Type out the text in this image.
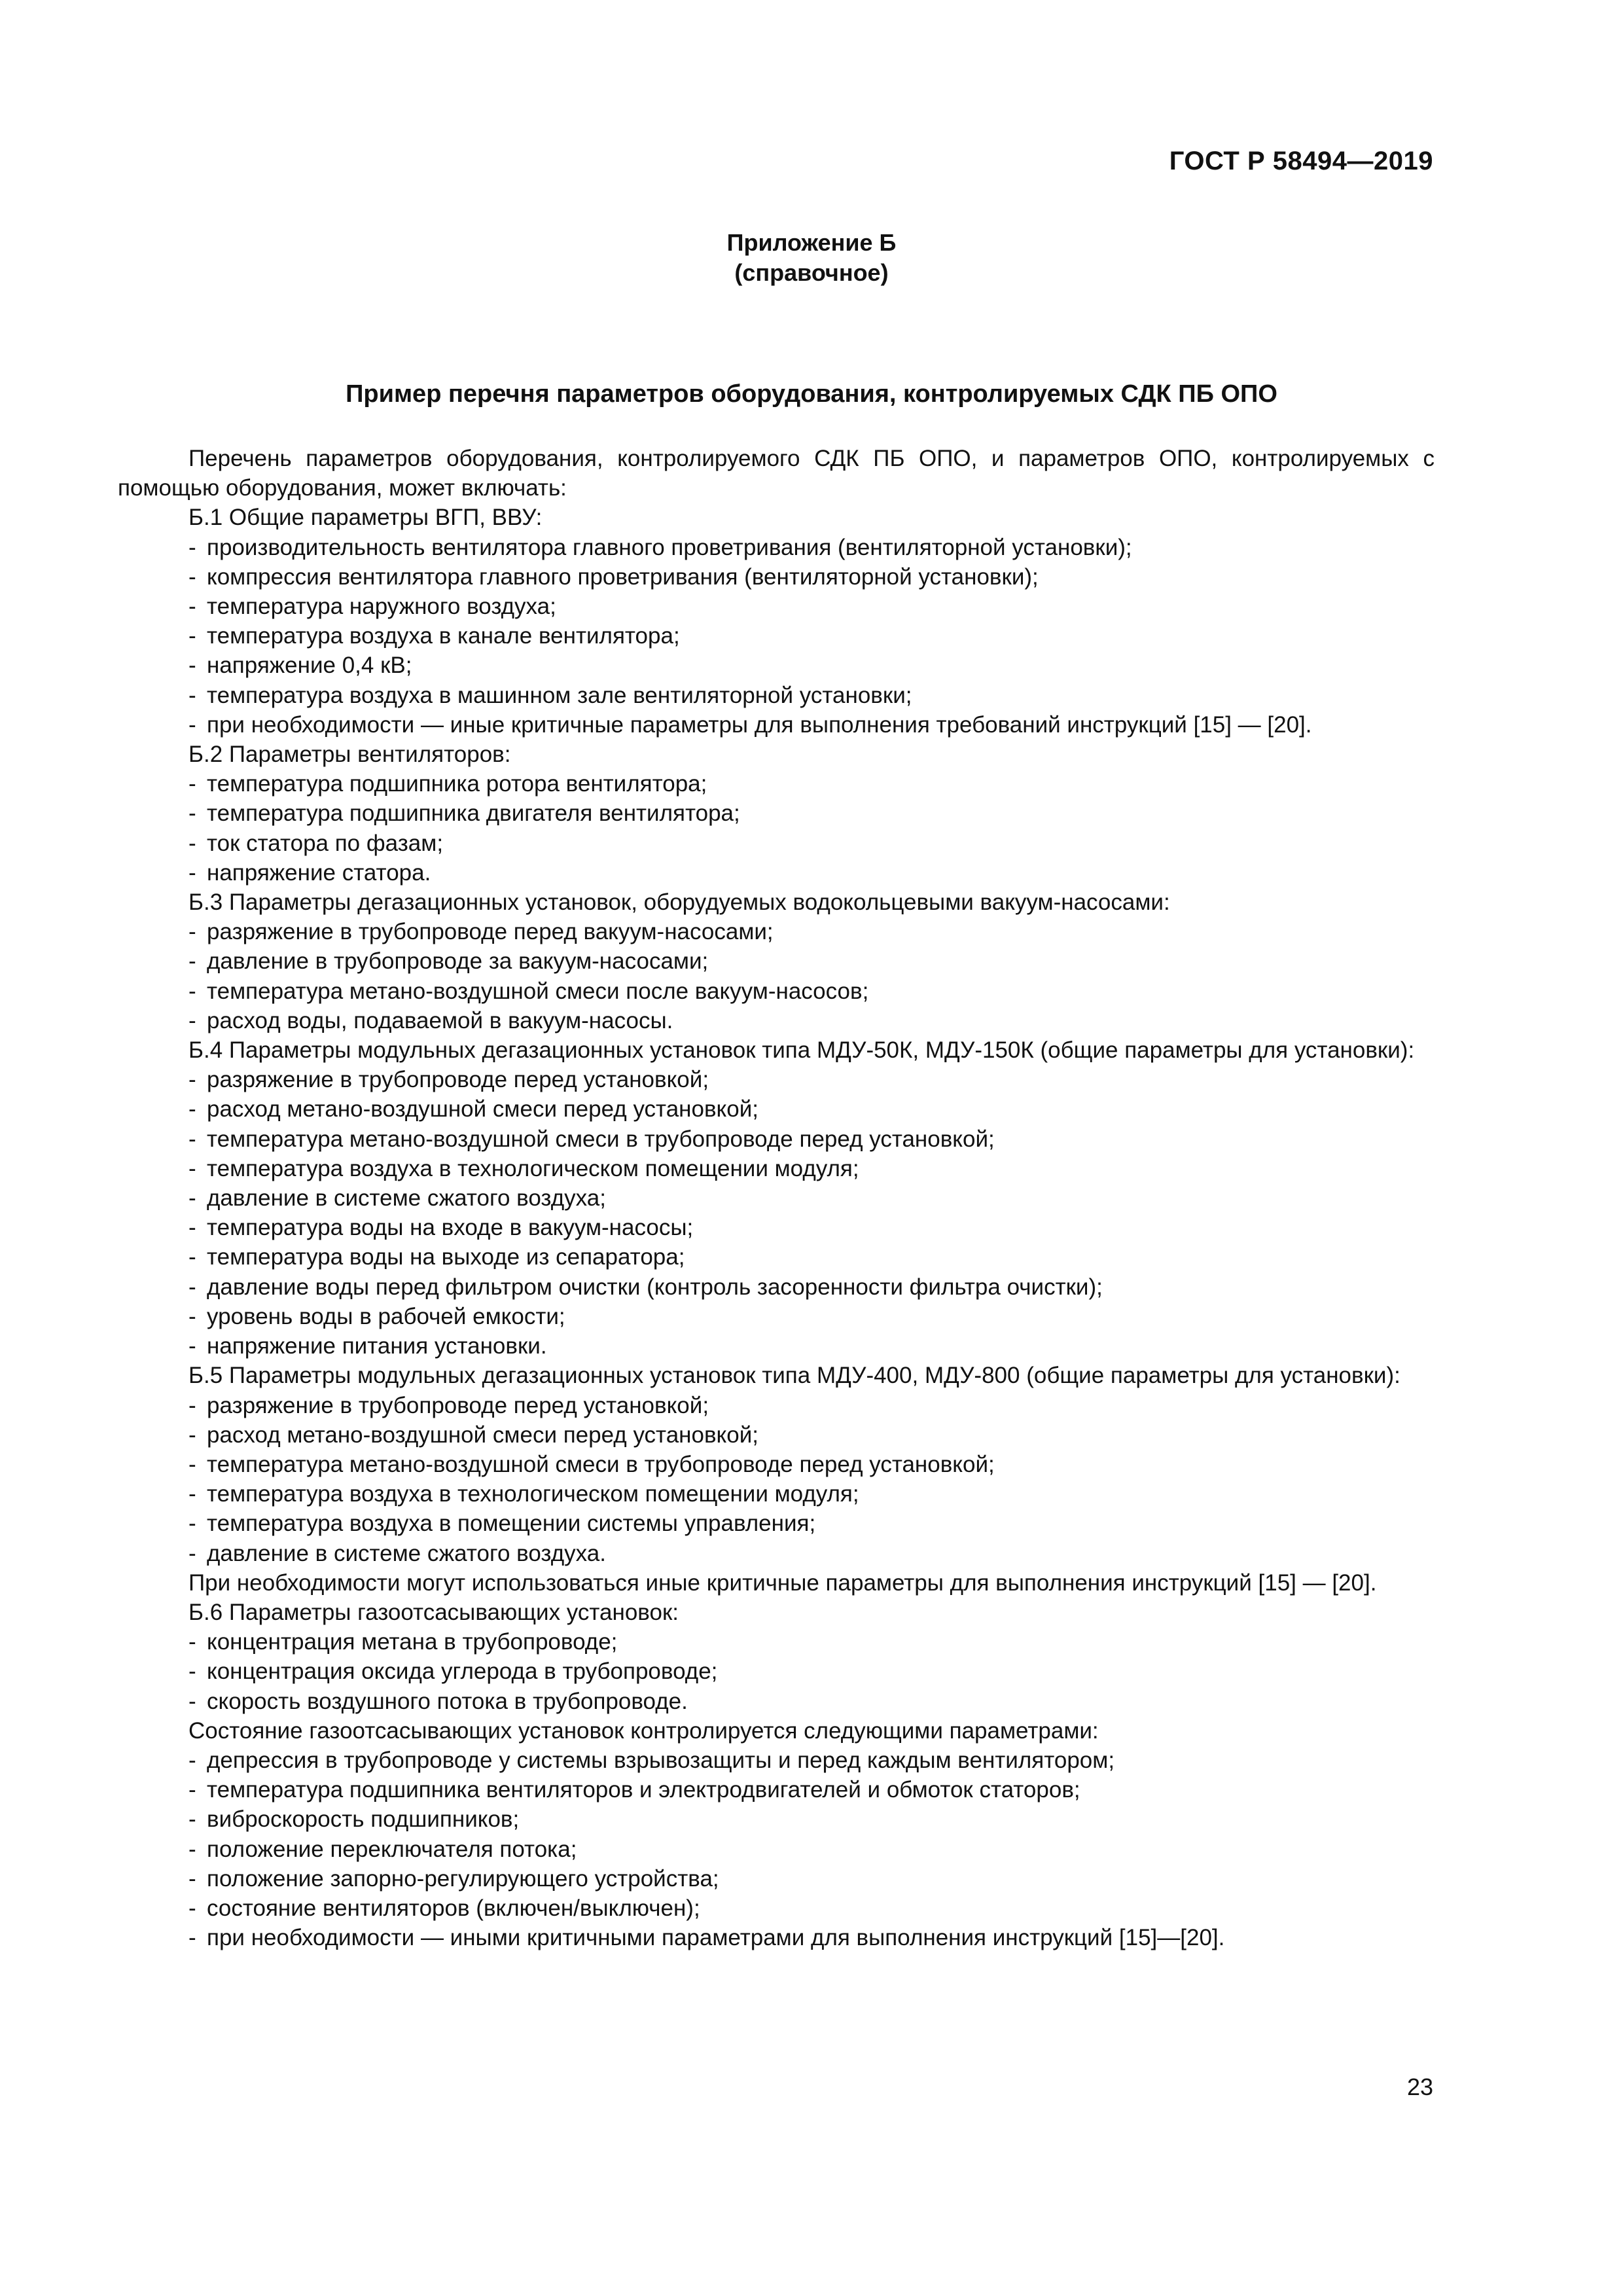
ГОСТ Р 58494—2019
Приложение Б
(справочное)
Пример перечня параметров оборудования, контролируемых СДК ПБ ОПО

Перечень параметров оборудования, контролируемого СДК ПБ ОПО, и параметров ОПО, контролируемых с помощью оборудования, может включать:

Б.1 Общие параметры ВГП, ВВУ:

- производительность вентилятора главного проветривания (вентиляторной установки);
- компрессия вентилятора главного проветривания (вентиляторной установки);
- температура наружного воздуха;
- температура воздуха в канале вентилятора;
- напряжение 0,4 кВ;
- температура воздуха в машинном зале вентиляторной установки;
- при необходимости — иные критичные параметры для выполнения требований инструкций [15] — [20].

Б.2 Параметры вентиляторов:

- температура подшипника ротора вентилятора;
- температура подшипника двигателя вентилятора;
- ток статора по фазам;
- напряжение статора.

Б.3 Параметры дегазационных установок, оборудуемых водокольцевыми вакуум-насосами:

- разряжение в трубопроводе перед вакуум-насосами;
- давление в трубопроводе за вакуум-насосами;
- температура метано-воздушной смеси после вакуум-насосов;
- расход воды, подаваемой в вакуум-насосы.

Б.4 Параметры модульных дегазационных установок типа МДУ-50К, МДУ-150К (общие параметры для установки):

- разряжение в трубопроводе перед установкой;
- расход метано-воздушной смеси перед установкой;
- температура метано-воздушной смеси в трубопроводе перед установкой;
- температура воздуха в технологическом помещении модуля;
- давление в системе сжатого воздуха;
- температура воды на входе в вакуум-насосы;
- температура воды на выходе из сепаратора;
- давление воды перед фильтром очистки (контроль засоренности фильтра очистки);
- уровень воды в рабочей емкости;
- напряжение питания установки.

Б.5 Параметры модульных дегазационных установок типа МДУ-400, МДУ-800 (общие параметры для установки):

- разряжение в трубопроводе перед установкой;
- расход метано-воздушной смеси перед установкой;
- температура метано-воздушной смеси в трубопроводе перед установкой;
- температура воздуха в технологическом помещении модуля;
- температура воздуха в помещении системы управления;
- давление в системе сжатого воздуха.

При необходимости могут использоваться иные критичные параметры для выполнения инструкций [15] — [20].

Б.6 Параметры газоотсасывающих установок:

- концентрация метана в трубопроводе;
- концентрация оксида углерода в трубопроводе;
- скорость воздушного потока в трубопроводе.

Состояние газоотсасывающих установок контролируется следующими параметрами:

- депрессия в трубопроводе у системы взрывозащиты и перед каждым вентилятором;
- температура подшипника вентиляторов и электродвигателей и обмоток статоров;
- виброскорость подшипников;
- положение переключателя потока;
- положение запорно-регулирующего устройства;
- состояние вентиляторов (включен/выключен);
- при необходимости — иными критичными параметрами для выполнения инструкций [15]—[20].
23
